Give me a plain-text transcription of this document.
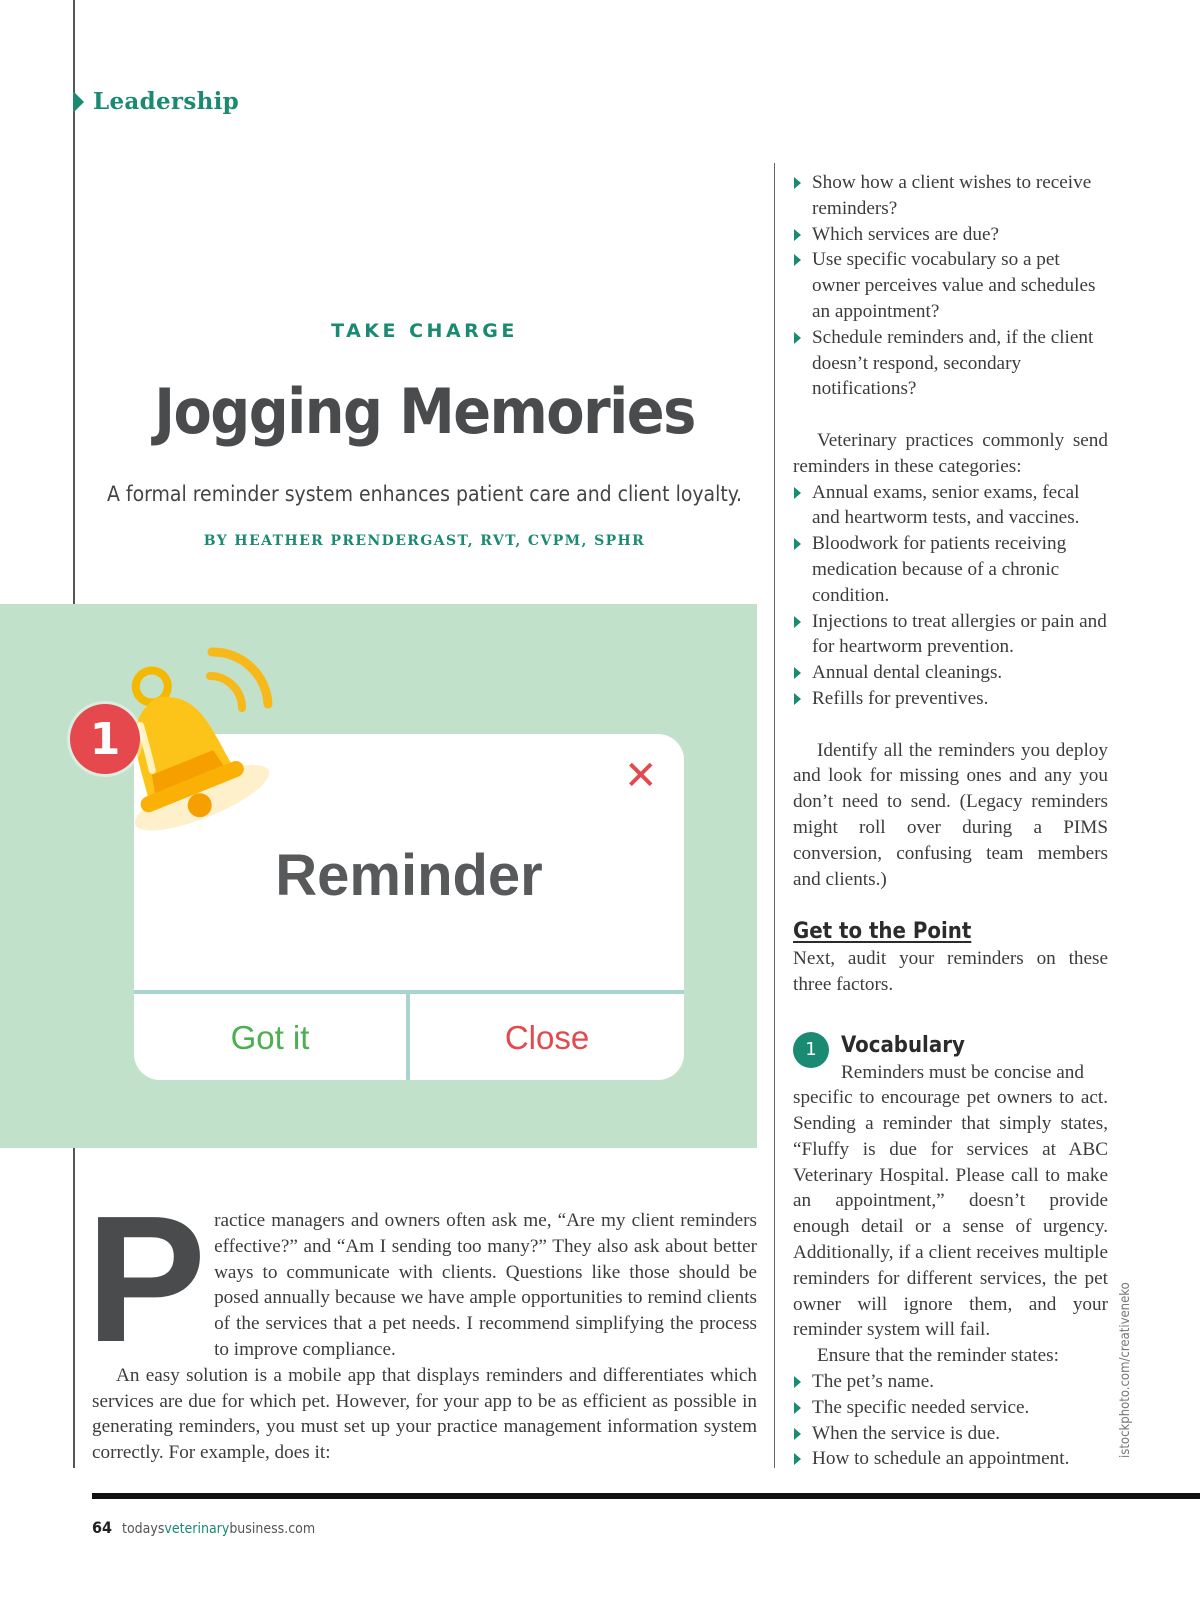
Leadership
TAKE CHARGE
Jogging Memories
A formal reminder system enhances patient care and client loyalty.
BY HEATHER PRENDERGAST, RVT, CVPM, SPHR
✕
Reminder
Got it	Close
1
P ractice managers and owners often ask me, “Are my client reminders effective?” and “Am I sending too many?” They also ask about better ways to communicate with clients. Questions like those should be posed annually because we have ample opportunities to remind clients of the services that a pet needs. I recommend simplifying the process to improve compliance.

An easy solution is a mobile app that displays reminders and differentiates which services are due for which pet. However, for your app to be as efficient as possible in generating reminders, you must set up your practice management information system correctly. For example, does it:

Show how a client wishes to receive reminders?
Which services are due?
Use specific vocabulary so a pet owner perceives value and schedules an appointment?
Schedule reminders and, if the client doesn’t respond, secondary notifications?

Veterinary practices commonly send reminders in these categories:

Annual exams, senior exams, fecal and heartworm tests, and vaccines.
Bloodwork for patients receiving medication because of a chronic condition.
Injections to treat allergies or pain and for heartworm prevention.
Annual dental cleanings.
Refills for preventives.

Identify all the reminders you deploy and look for missing ones and any you don’t need to send. (Legacy reminders might roll over during a PIMS conversion, confusing team members and clients.)

Get to the Point

Next, audit your reminders on these three factors.

1	Vocabulary

Reminders must be concise and

specific to encourage pet owners to act. Sending a reminder that simply states, “Fluffy is due for services at ABC Veterinary Hospital. Please call to make an appointment,” doesn’t provide enough detail or a sense of urgency. Additionally, if a client receives multiple reminders for different services, the pet owner will ignore them, and your reminder system will fail.

Ensure that the reminder states:

The pet’s name.
The specific needed service.
When the service is due.
How to schedule an appointment.
istockphoto.com/creativeneko
64 todaysveterinarybusiness.com
